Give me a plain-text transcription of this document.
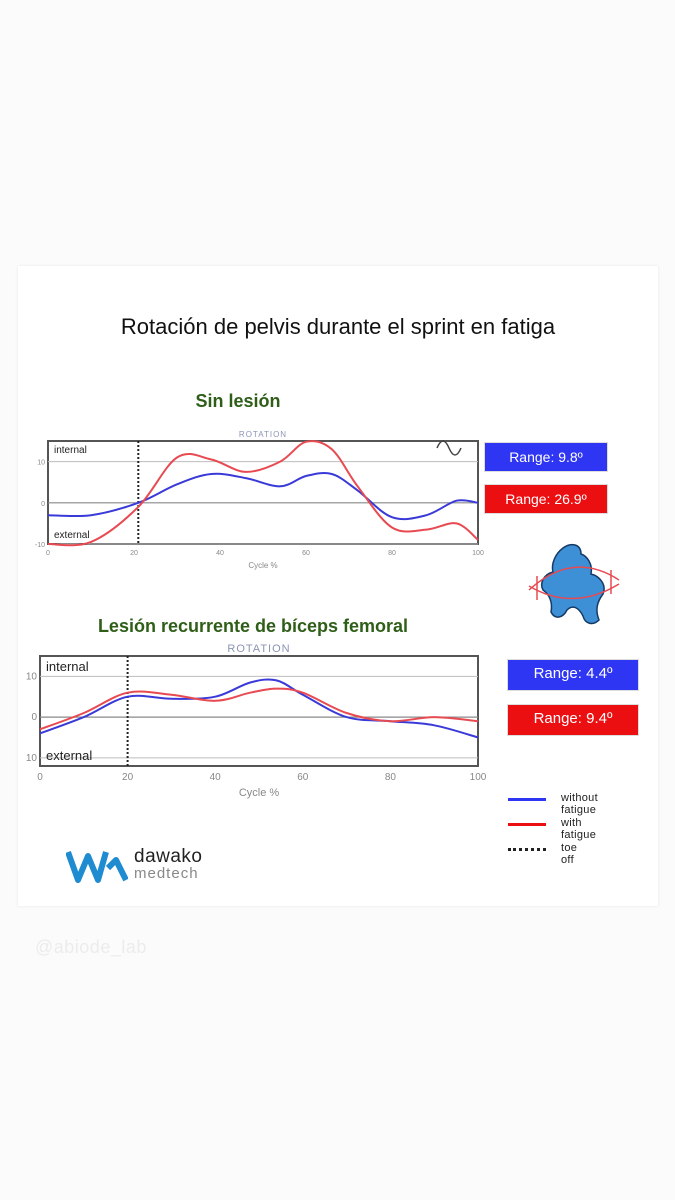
Rotación de pelvis durante el sprint en fatiga
Sin lesión
ROTATION
10
0
-10
0	20	40	60	80	100
Cycle %
internal
external
Range: 9.8º
Range: 26.9º
Lesión recurrente de bíceps femoral
ROTATION
10
0
10
0	20	40	60	80	100
Cycle %
internal
external
Range: 4.4º
Range: 9.4º
without fatigue
with fatigue
toe off
dawako
medtech
@abiode_lab
